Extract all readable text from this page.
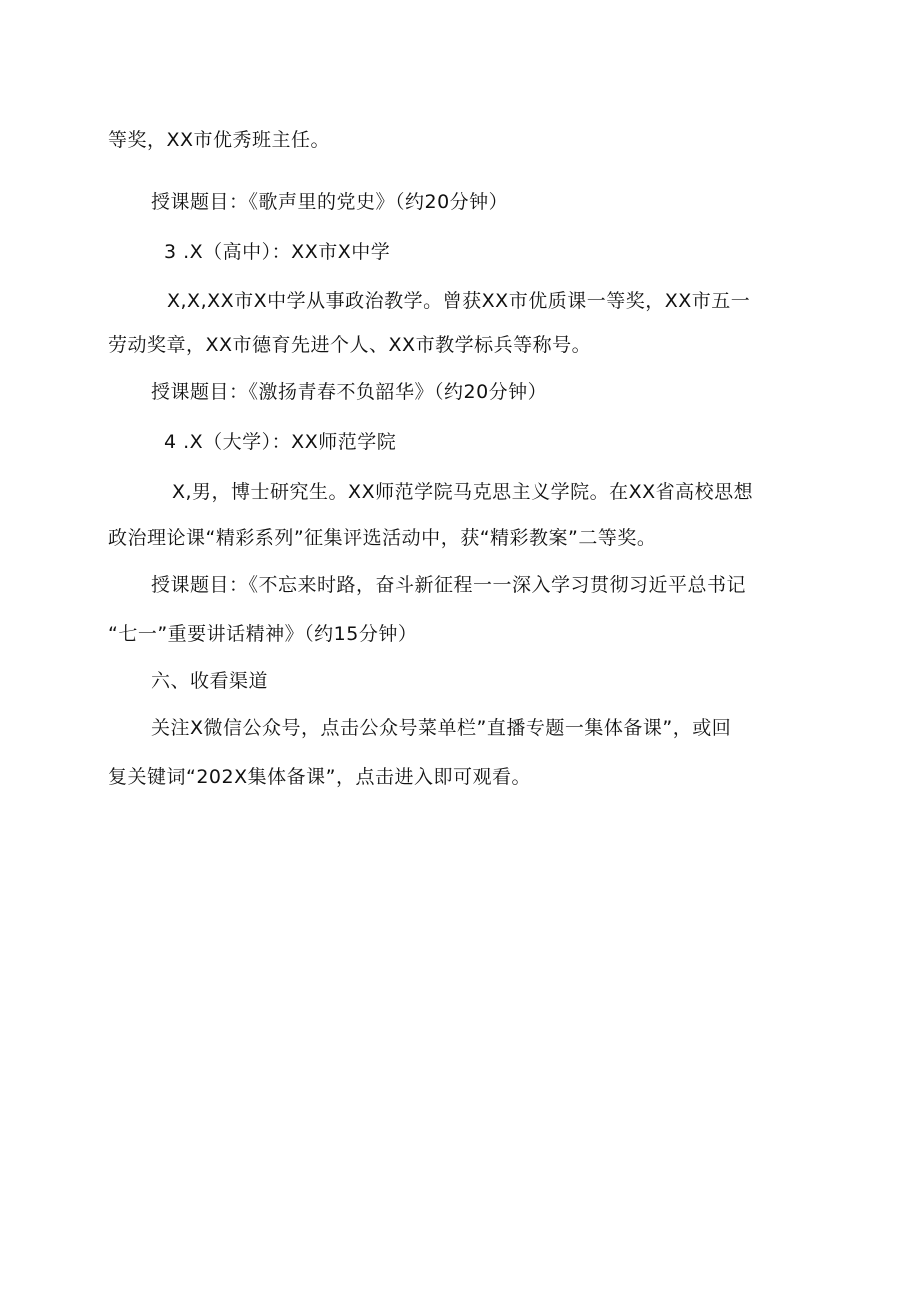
等奖，XX市优秀班主任。
授课题目：《歌声里的党史》（约20分钟）
3 .X（高中）：XX市X中学
X,X,XX市X中学从事政治教学。曾获XX市优质课一等奖，XX市五一
劳动奖章，XX市德育先进个人、XX市教学标兵等称号。
授课题目：《激扬青春不负韶华》（约20分钟）
4 .X（大学）：XX师范学院
X,男，博士研究生。XX师范学院马克思主义学院。在XX省高校思想
政治理论课“精彩系列”征集评选活动中，获“精彩教案”二等奖。
授课题目：《不忘来时路，奋斗新征程一一深入学习贯彻习近平总书记
“七一”重要讲话精神》（约15分钟）
六、收看渠道
关注X微信公众号，点击公众号菜单栏”直播专题一集体备课”，或回
复关键词“202X集体备课”，点击进入即可观看。
